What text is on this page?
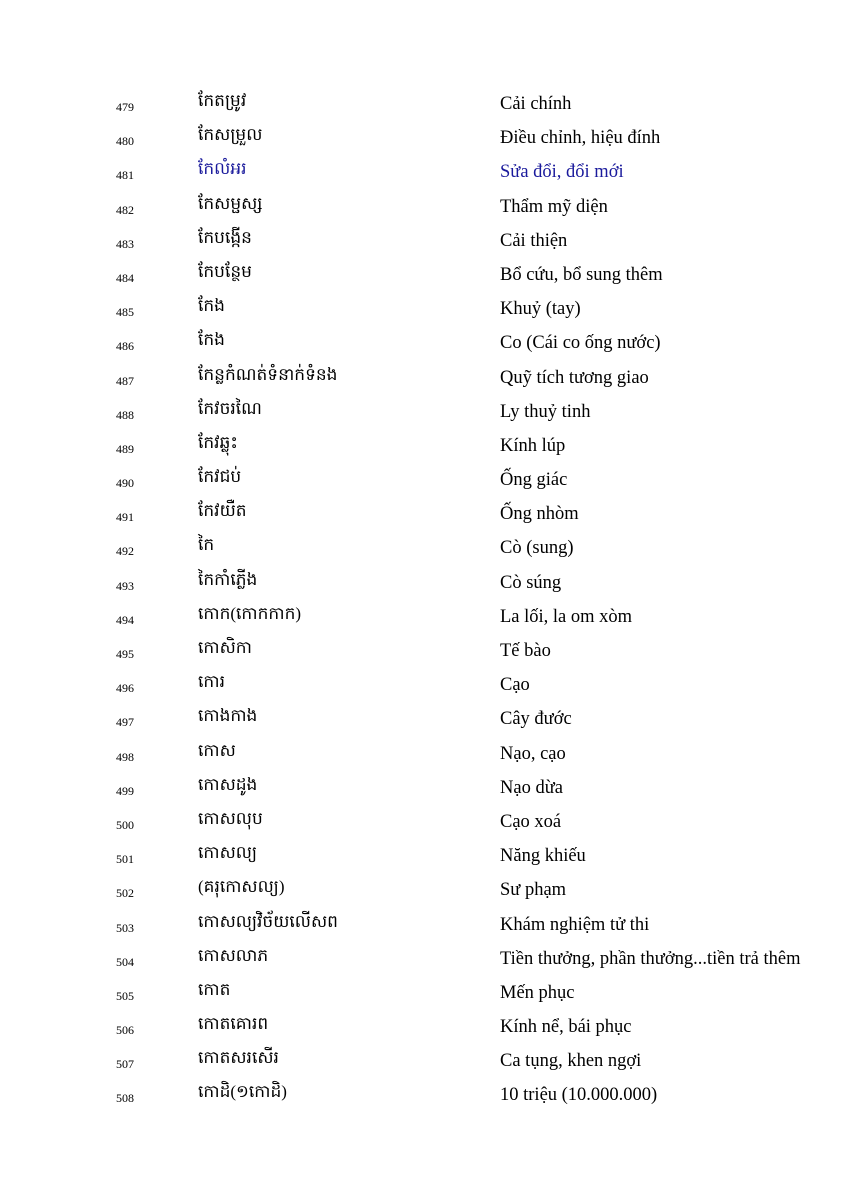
479	កែតម្រូវ	Cải chính
480	កែសម្រួល	Điều chỉnh, hiệu đính
481	កែលំអរ	Sửa đổi, đổi mới
482	កែសម្ផស្ស	Thẩm mỹ diện
483	កែបង្កើន	Cải thiện
484	កែបន្ថែម	Bổ cứu, bổ sung thêm
485	កែង	Khuỷ (tay)
486	កែង	Co (Cái co ống nước)
487	កែន្លកំណត់ទំនាក់ទំនង	Quỹ tích tương giao
488	កែវចរណៃ	Ly thuỷ tinh
489	កែវឆ្លុះ	Kính lúp
490	កែវជប់	Ống giác
491	កែវយឺត	Ống nhòm
492	កៃ	Cò (sung)
493	កៃកាំភ្លើង	Cò súng
494	កោក(កោកកាក)	La lối, la om xòm
495	កោសិកា	Tế bào
496	កោរ	Cạo
497	កោងកាង	Cây đước
498	កោស	Nạo, cạo
499	កោសដូង	Nạo dừa
500	កោសលុប	Cạo xoá
501	កោសល្យ	Năng khiếu
502	(គរុកោសល្យ)	Sư phạm
503	កោសល្យវិច័យលើសព	Khám nghiệm tử thi
504	កោសលាភ	Tiền thưởng, phần thưởng...tiền trả thêm
505	កោត	Mến phục
506	កោតគោរព	Kính nể, bái phục
507	កោតសរសើរ	Ca tụng, khen ngợi
508	កោដិ(១កោដិ)	10 triệu (10.000.000)
